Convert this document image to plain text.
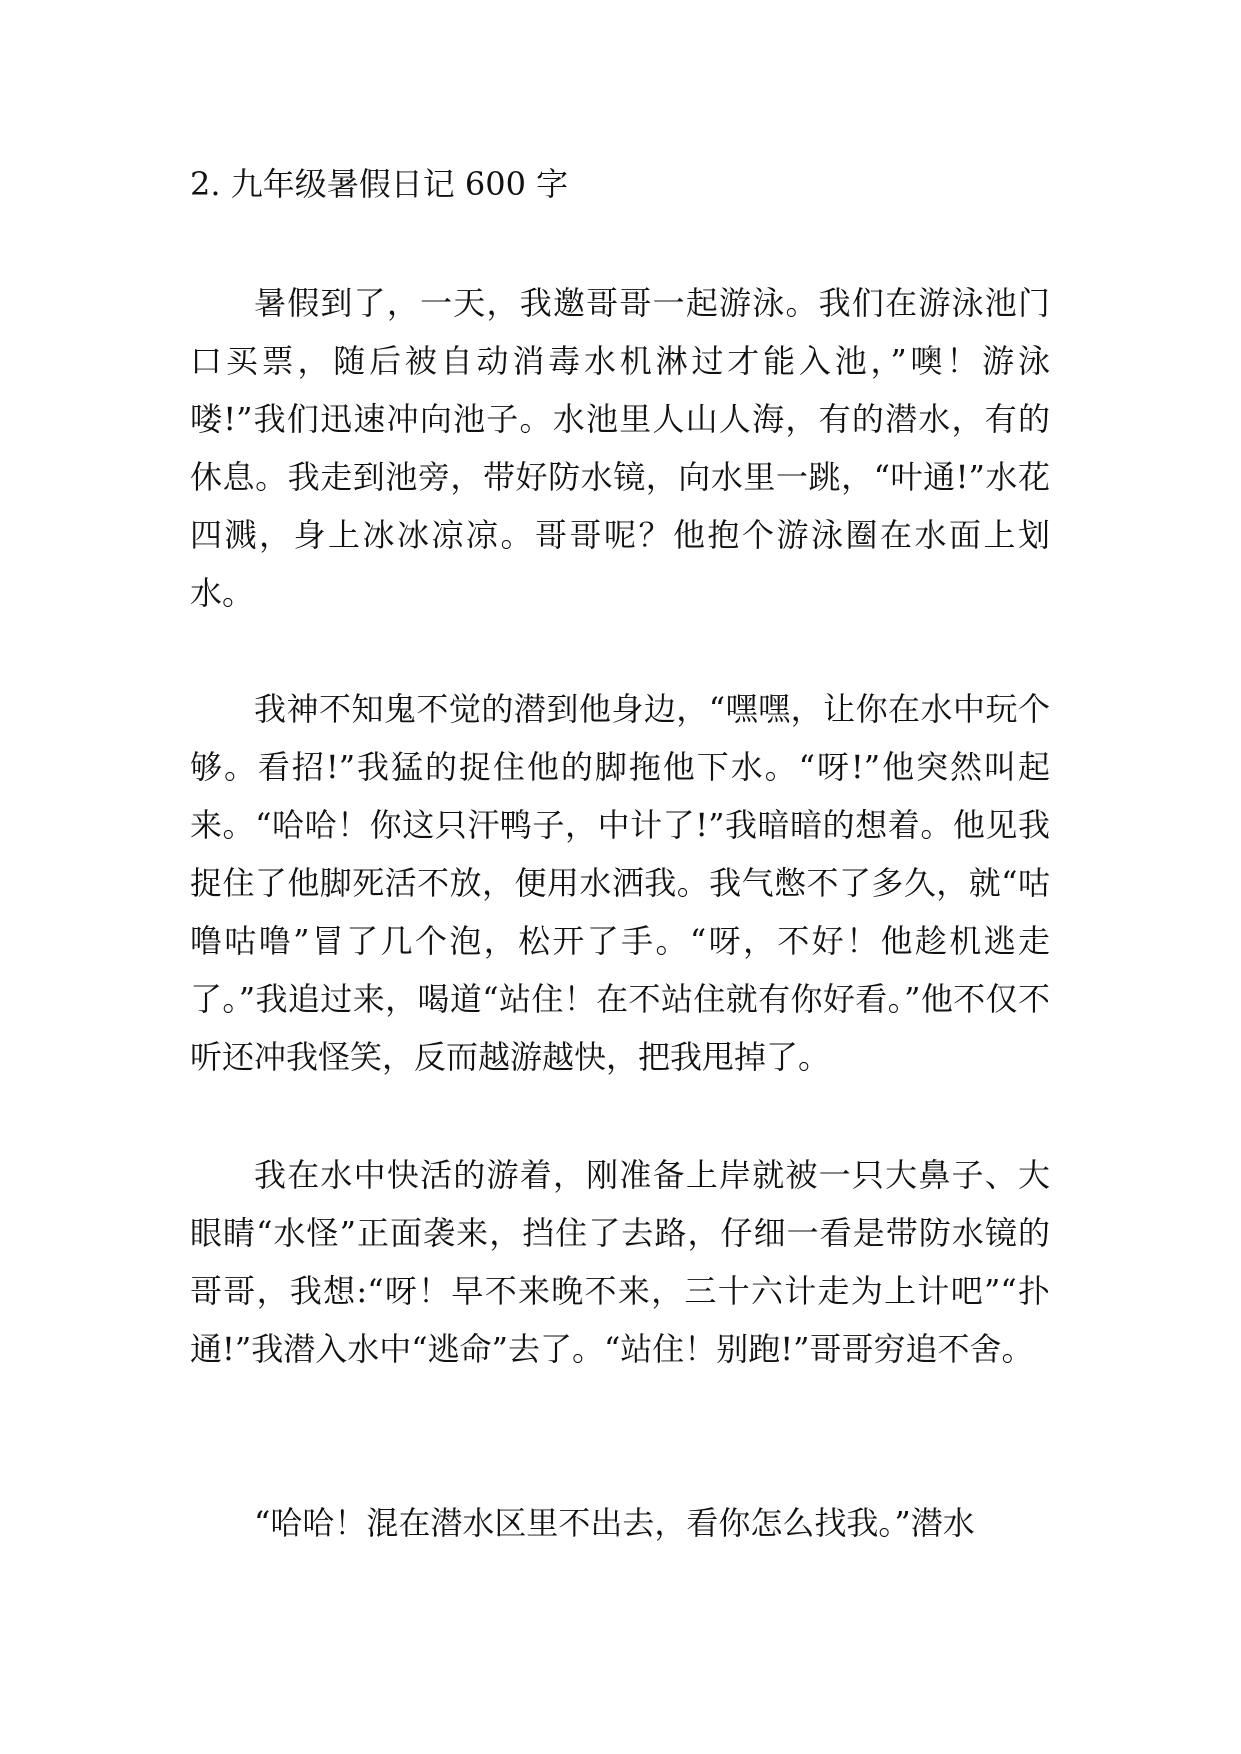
2. 九年级暑假日记 600 字

暑假到了，一天，我邀哥哥一起游泳。我们在游泳池门口买票，随后被自动消毒水机淋过才能入池，”噢！游泳喽!”我们迅速冲向池子。水池里人山人海，有的潜水，有的休息。我走到池旁，带好防水镜，向水里一跳，“叶通!”水花四溅，身上冰冰凉凉。哥哥呢？他抱个游泳圈在水面上划水。

我神不知鬼不觉的潜到他身边，“嘿嘿，让你在水中玩个够。看招!”我猛的捉住他的脚拖他下水。“呀!”他突然叫起来。“哈哈！你这只汗鸭子，中计了!”我暗暗的想着。他见我捉住了他脚死活不放，便用水洒我。我气憋不了多久，就“咕噜咕噜”冒了几个泡，松开了手。“呀，不好！他趁机逃走了。”我追过来，喝道“站住！在不站住就有你好看。”他不仅不听还冲我怪笑，反而越游越快，把我甩掉了。

我在水中快活的游着，刚准备上岸就被一只大鼻子、大眼睛“水怪”正面袭来，挡住了去路，仔细一看是带防水镜的哥哥，我想:“呀！早不来晚不来，三十六计走为上计吧”“扑通!”我潜入水中“逃命”去了。“站住！别跑!”哥哥穷追不舍。

“哈哈！混在潜水区里不出去，看你怎么找我。”潜水
